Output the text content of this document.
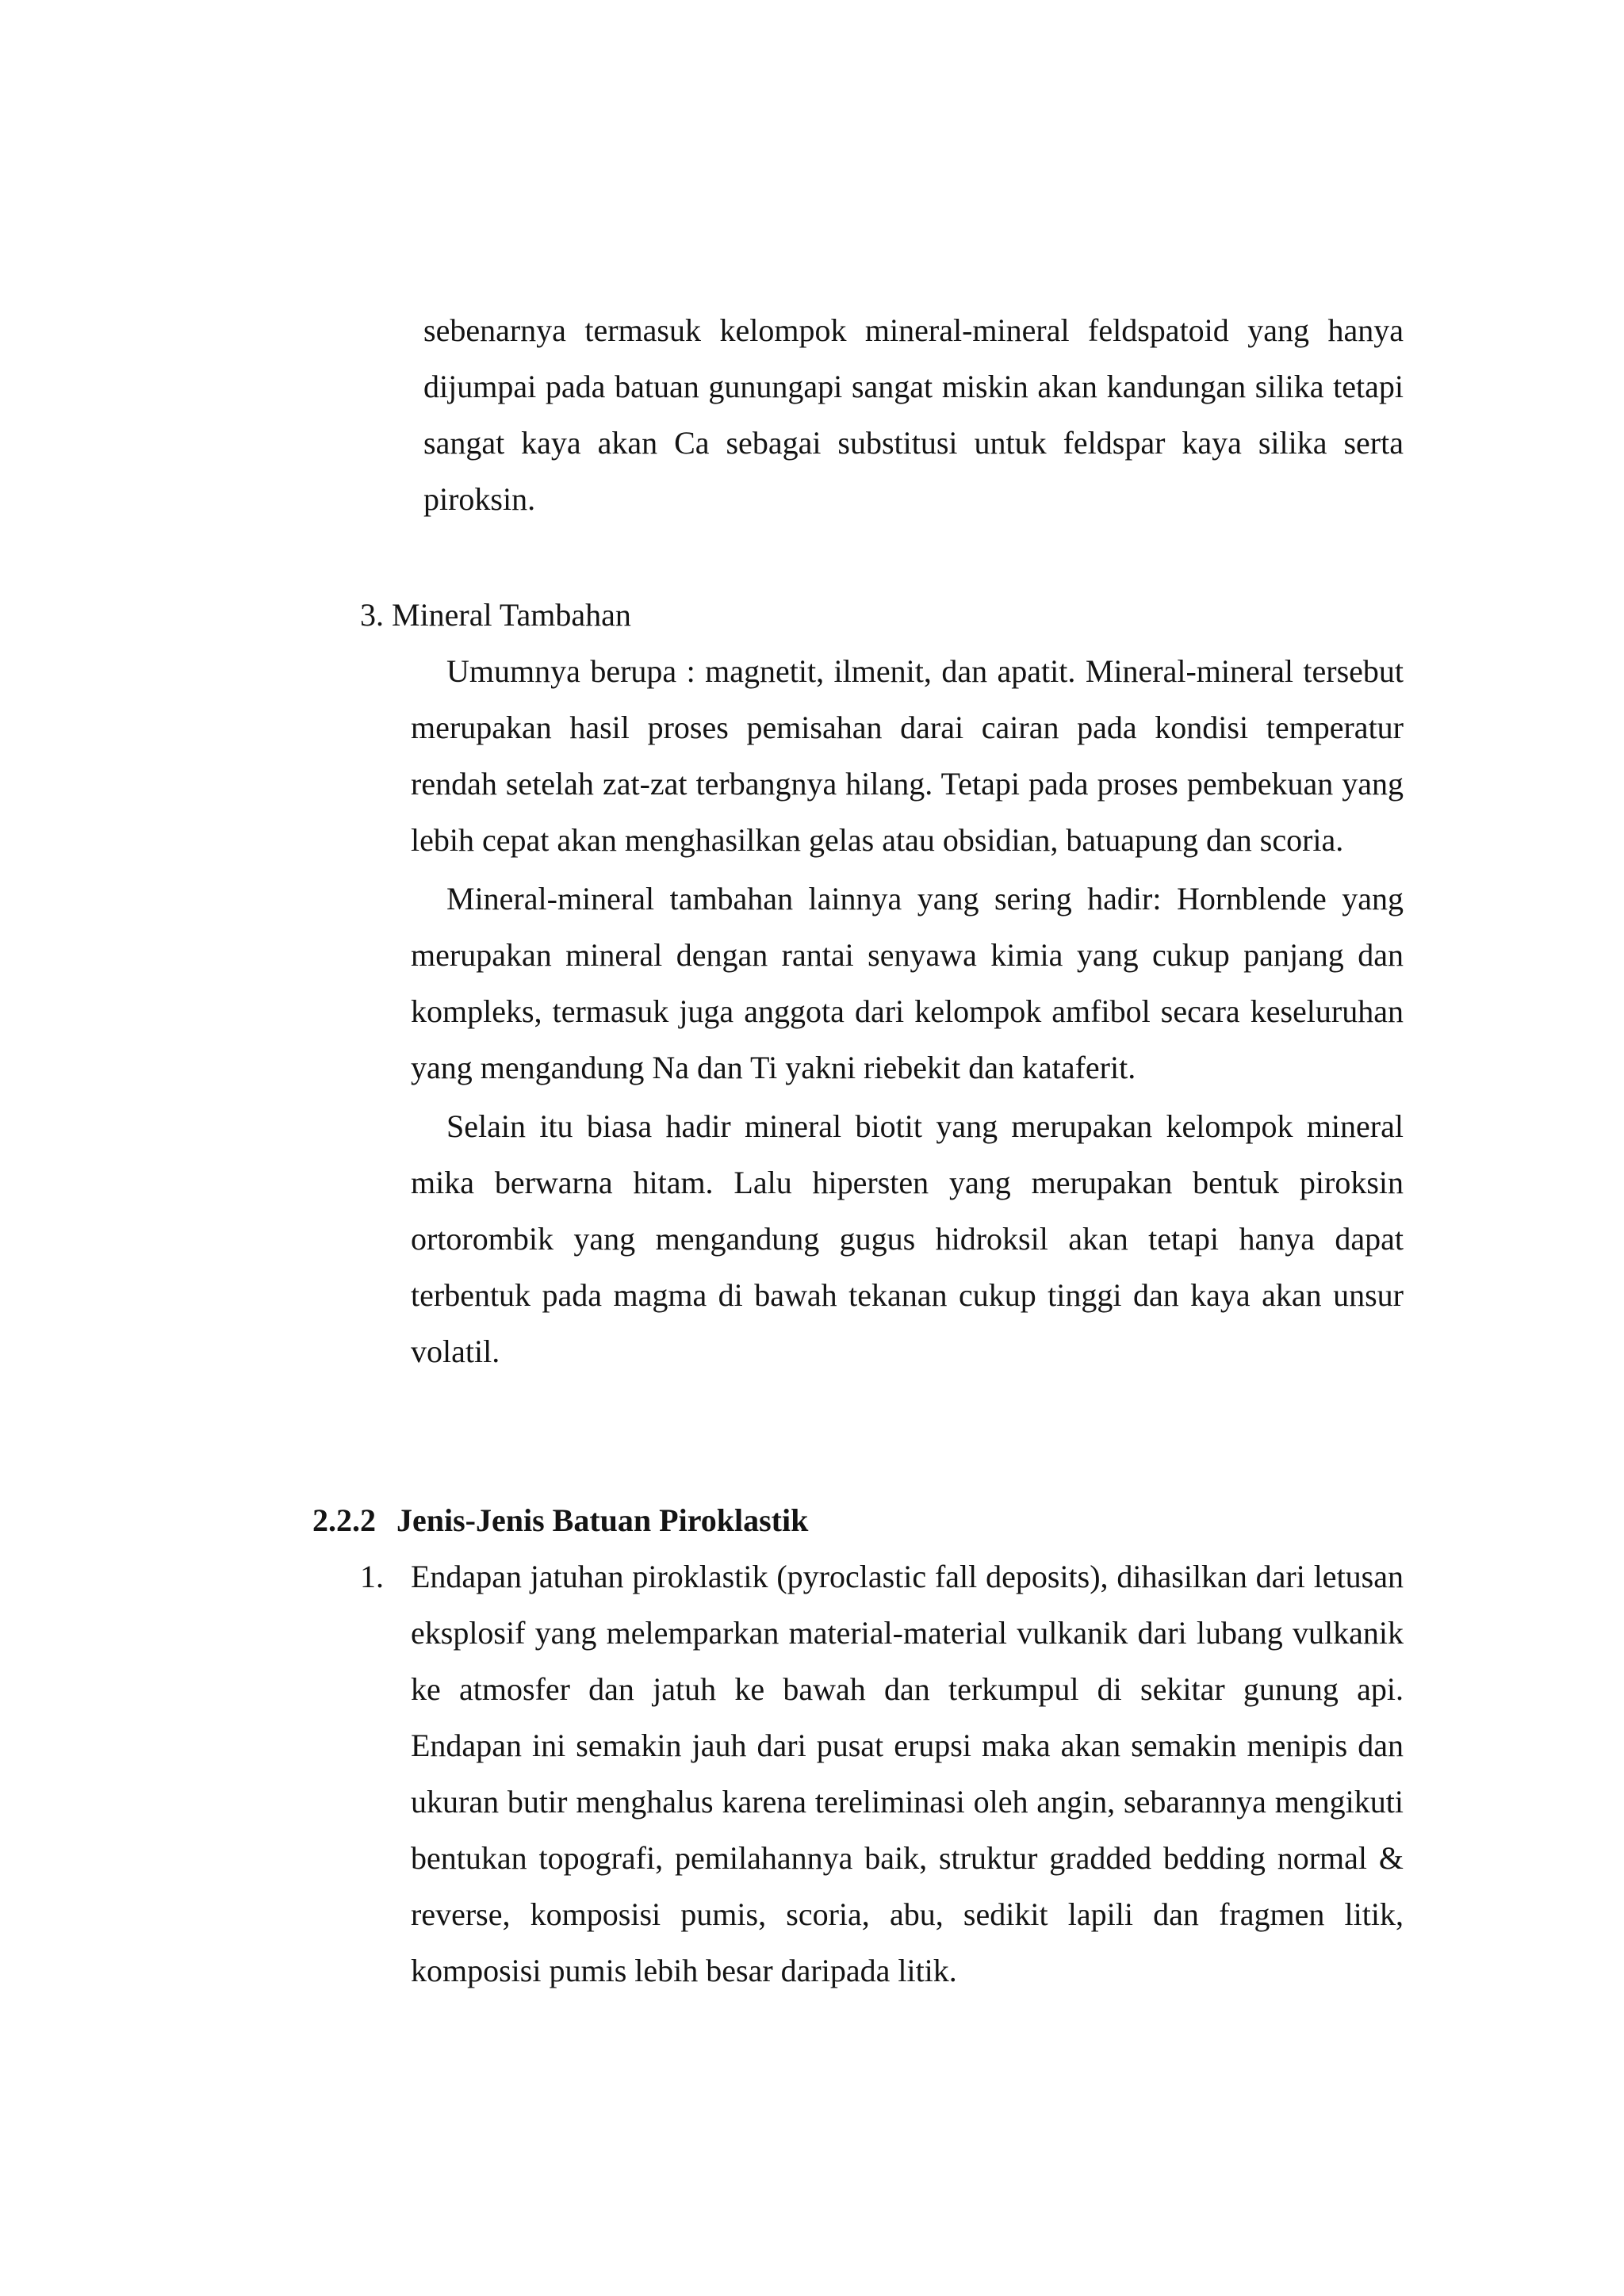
sebenarnya termasuk kelompok mineral-mineral feldspatoid yang hanya dijumpai pada batuan gunungapi sangat miskin akan kandungan silika tetapi sangat kaya akan Ca sebagai substitusi untuk feldspar kaya silika serta piroksin.

3. Mineral Tambahan

Umumnya berupa : magnetit, ilmenit, dan apatit. Mineral-mineral tersebut merupakan hasil proses pemisahan darai cairan pada kondisi temperatur rendah setelah zat-zat terbangnya hilang. Tetapi pada proses pembekuan yang lebih cepat akan menghasilkan gelas atau obsidian, batuapung dan scoria.

Mineral-mineral tambahan lainnya yang sering hadir: Hornblende yang merupakan mineral dengan rantai senyawa kimia yang cukup panjang dan kompleks, termasuk juga anggota dari kelompok amfibol secara keseluruhan yang mengandung Na dan Ti yakni riebekit dan kataferit.

Selain itu biasa hadir mineral biotit yang merupakan kelompok mineral mika berwarna hitam. Lalu hipersten yang merupakan bentuk piroksin ortorombik yang mengandung gugus hidroksil akan tetapi hanya dapat terbentuk pada magma di bawah tekanan cukup tinggi dan kaya akan unsur volatil.

2.2.2 Jenis-Jenis Batuan Piroklastik
1. Endapan jatuhan piroklastik (pyroclastic fall deposits), dihasilkan dari letusan eksplosif yang melemparkan material-material vulkanik dari lubang vulkanik ke atmosfer dan jatuh ke bawah dan terkumpul di sekitar gunung api. Endapan ini semakin jauh dari pusat erupsi maka akan semakin menipis dan ukuran butir menghalus karena tereliminasi oleh angin, sebarannya mengikuti bentukan topografi, pemilahannya baik, struktur gradded bedding normal & reverse, komposisi pumis, scoria, abu, sedikit lapili dan fragmen litik, komposisi pumis lebih besar daripada litik.
